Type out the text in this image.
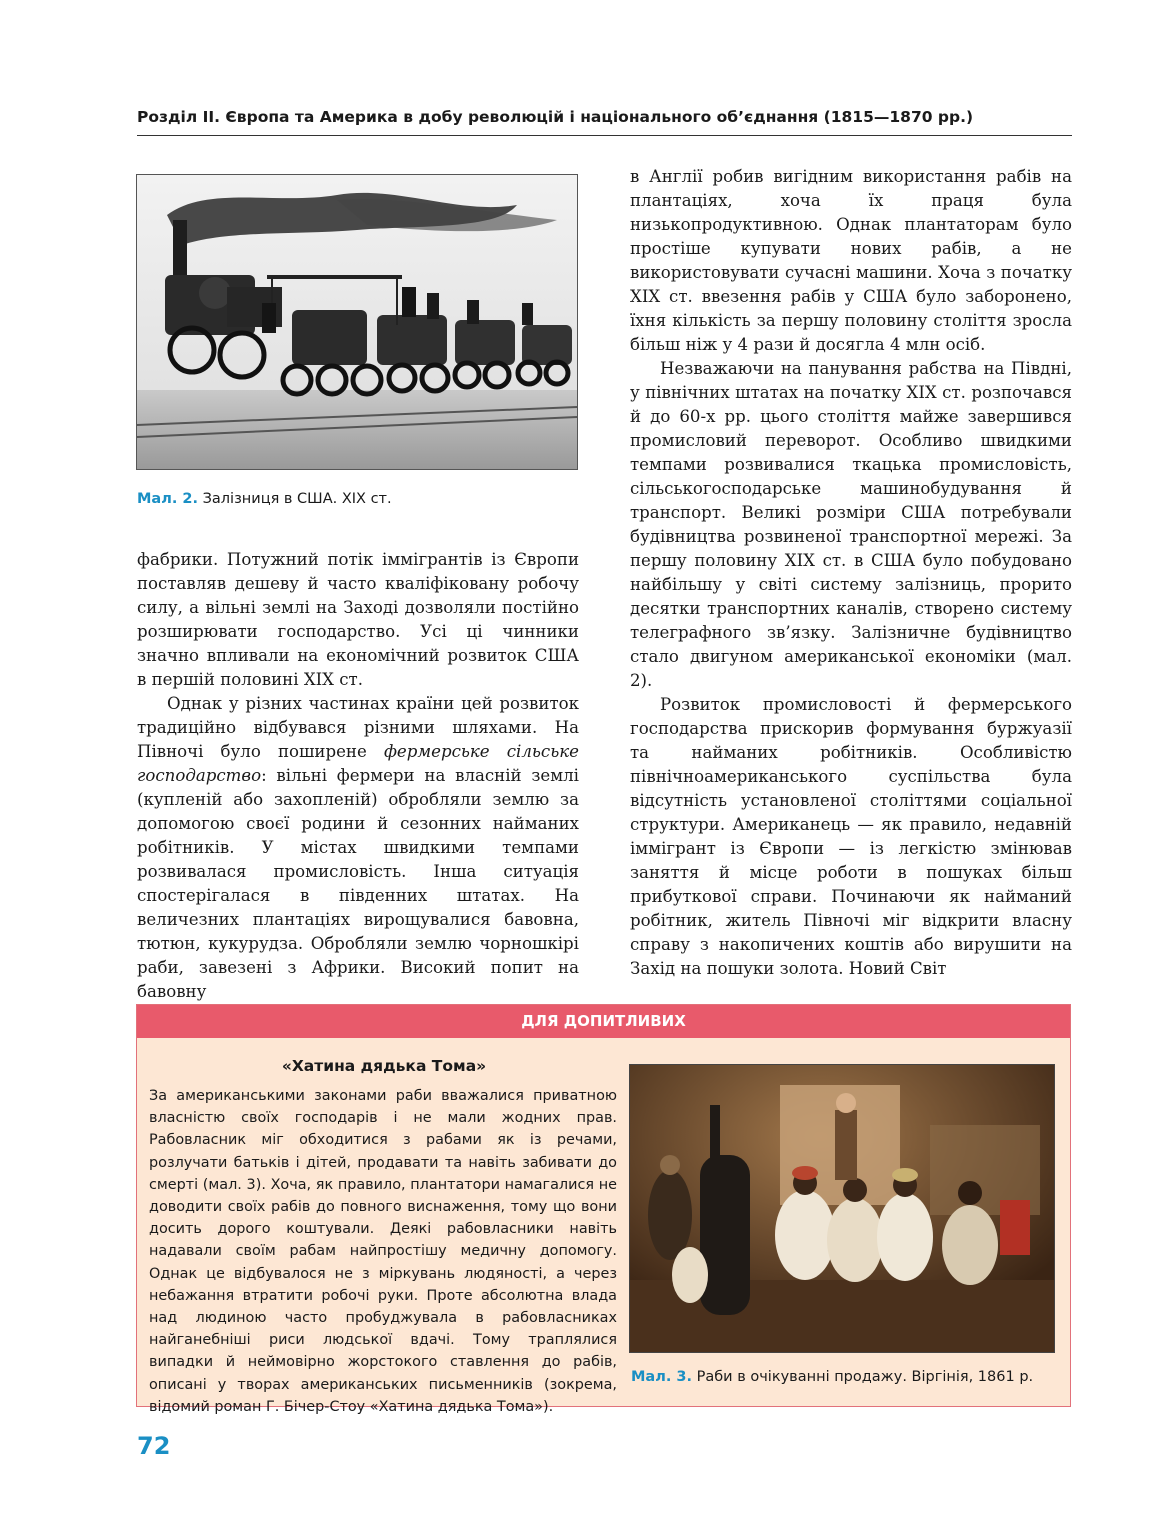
Розділ II. Європа та Америка в добу революцій і національного об’єднання (1815—1870 рр.)
Мал. 2. Залізниця в США. XIX ст.

фабрики. Потужний потік іммігрантів із Європи поставляв дешеву й часто кваліфіковану робочу силу, а вільні землі на Заході дозволяли постійно розширювати господарство. Усі ці чинники значно впливали на економічний розвиток США в першій половині XIX ст.

Однак у різних частинах країни цей розвиток традиційно відбувався різними шляхами. На Півночі було поширене фермерське сільське господарство: вільні фермери на власній землі (купленій або захопленій) обробляли землю за допомогою своєї родини й сезонних найманих робітників. У містах швидкими темпами розвивалася промисловість. Інша ситуація спостерігалася в південних штатах. На величезних плантаціях вирощувалися бавовна, тютюн, кукурудза. Обробляли землю чорношкірі раби, завезені з Африки. Високий попит на бавовну

в Англії робив вигідним використання рабів на плантаціях, хоча їх праця була низькопродуктивною. Однак плантаторам було простіше купувати нових рабів, а не використовувати сучасні машини. Хоча з початку XIX ст. ввезення рабів у США було заборонено, їхня кількість за першу половину століття зросла більш ніж у 4 рази й досягла 4 млн осіб.

Незважаючи на панування рабства на Півдні, у північних штатах на початку XIX ст. розпочався й до 60-х рр. цього століття майже завершився промисловий переворот. Особливо швидкими темпами розвивалися ткацька промисловість, сільськогосподарське машинобудування й транспорт. Великі розміри США потребували будівництва розвиненої транспортної мережі. За першу половину XIX ст. в США було побудовано найбільшу у світі систему залізниць, прорито десятки транспортних каналів, створено систему телеграфного зв’язку. Залізничне будівництво стало двигуном американської економіки (мал. 2).

Розвиток промисловості й фермерського господарства прискорив формування буржуазії та найманих робітників. Особливістю північноамериканського суспільства була відсутність установленої століттями соціальної структури. Американець — як правило, недавній іммігрант із Європи — із легкістю змінював заняття й місце роботи в пошуках більш прибуткової справи. Починаючи як найманий робітник, житель Півночі міг відкрити власну справу з накопичених коштів або вирушити на Захід на пошуки золота. Новий Світ

ДЛЯ ДОПИТЛИВИХ
«Хатина дядька Тома»
За американськими законами раби вважалися приватною власністю своїх господарів і не мали жодних прав. Рабовласник міг обходитися з рабами як із речами, розлучати батьків і дітей, продавати та навіть забивати до смерті (мал. 3). Хоча, як правило, плантатори намагалися не доводити своїх рабів до повного виснаження, тому що вони досить дорого коштували. Деякі рабовласники навіть надавали своїм рабам найпростішу медичну допомогу. Однак це відбувалося не з міркувань людяності, а через небажання втратити робочі руки. Проте абсолютна влада над людиною часто пробуджувала в рабовласниках найганебніші риси людської вдачі. Тому траплялися випадки й неймовірно жорстокого ставлення до рабів, описані у творах американських письменників (зокрема, відомий роман Г. Бічер-Стоу «Хатина дядька Тома»).
Мал. 3. Раби в очікуванні продажу. Віргінія, 1861 р.
72
